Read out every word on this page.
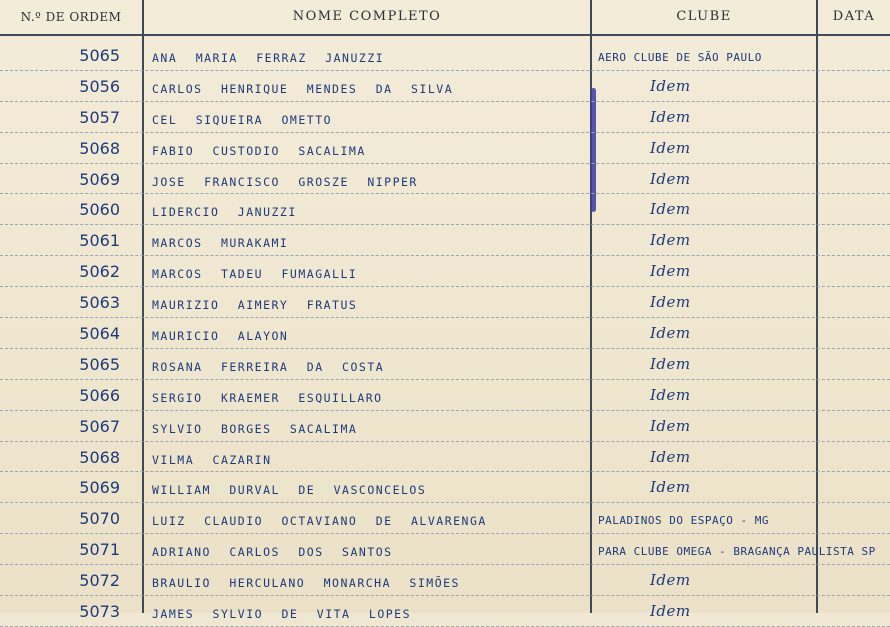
N.º DE ORDEM	NOME COMPLETO	CLUBE	DATA
5065	ANA MARIA FERRAZ JANUZZI	AERO CLUBE DE SÃO PAULO
5056	CARLOS HENRIQUE MENDES DA SILVA	Idem
5057	CEL SIQUEIRA OMETTO	Idem
5068	FABIO CUSTODIO SACALIMA	Idem
5069	JOSE FRANCISCO GROSZE NIPPER	Idem
5060	LIDERCIO JANUZZI	Idem
5061	MARCOS MURAKAMI	Idem
5062	MARCOS TADEU FUMAGALLI	Idem
5063	MAURIZIO AIMERY FRATUS	Idem
5064	MAURICIO ALAYON	Idem
5065	ROSANA FERREIRA DA COSTA	Idem
5066	SERGIO KRAEMER ESQUILLARO	Idem
5067	SYLVIO BORGES SACALIMA	Idem
5068	VILMA CAZARIN	Idem
5069	WILLIAM DURVAL DE VASCONCELOS	Idem
5070	LUIZ CLAUDIO OCTAVIANO DE ALVARENGA	PALADINOS DO ESPAÇO - MG
5071	ADRIANO CARLOS DOS SANTOS	PARA CLUBE OMEGA - BRAGANÇA PAULISTA SP
5072	BRAULIO HERCULANO MONARCHA SIMÕES	Idem
5073	JAMES SYLVIO DE VITA LOPES	Idem
